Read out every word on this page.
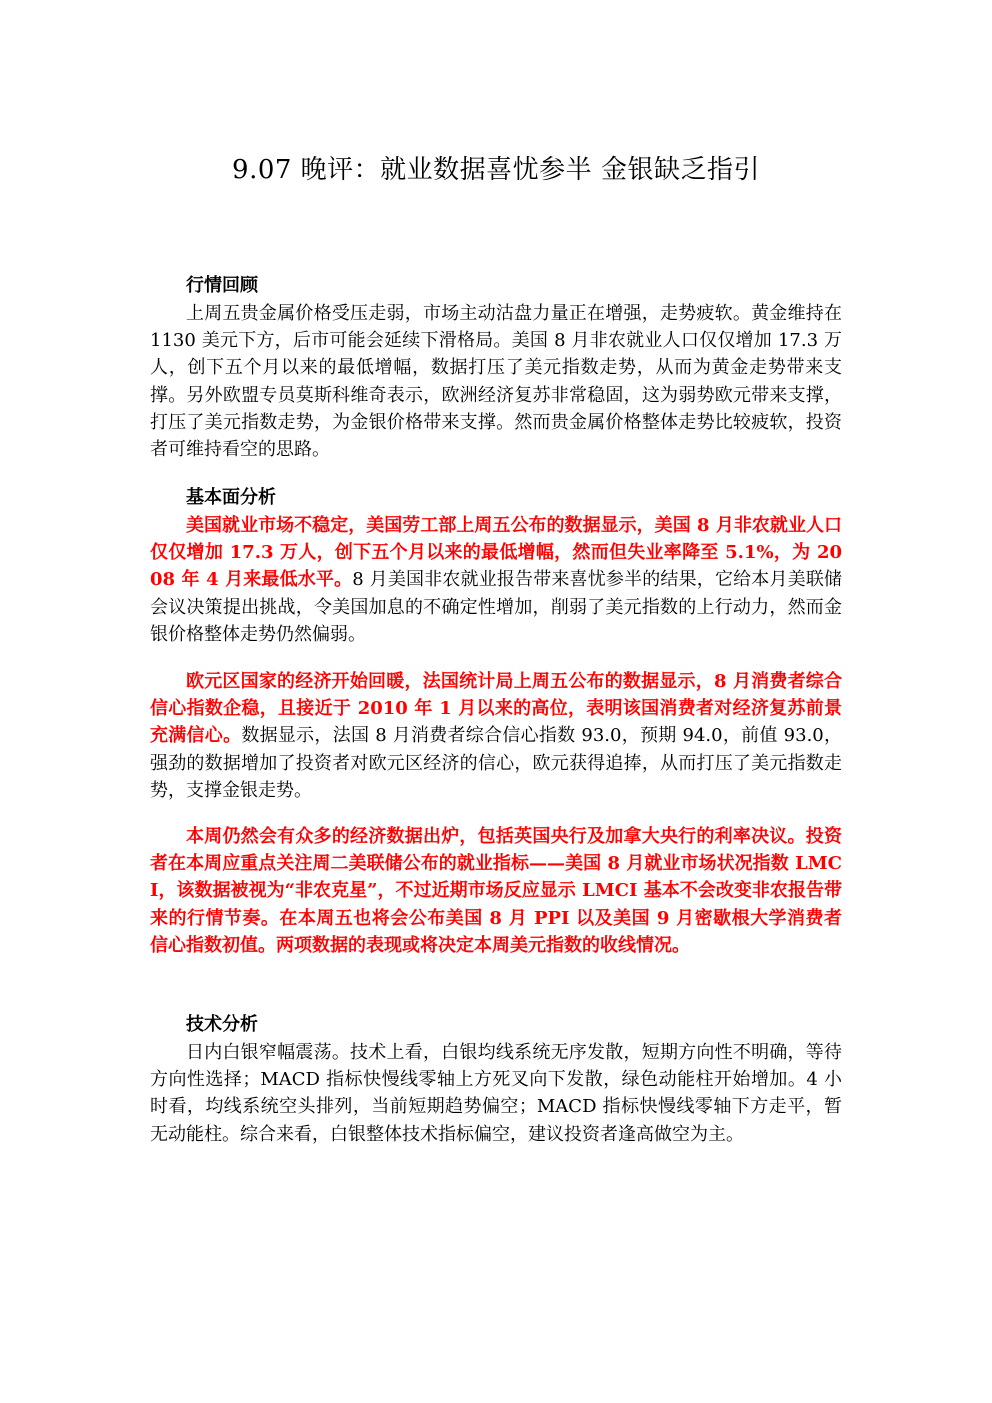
9.07 晚评：就业数据喜忧参半 金银缺乏指引

行情回顾

上周五贵金属价格受压走弱，市场主动沽盘力量正在增强，走势疲软。黄金维持在 1130 美元下方，后市可能会延续下滑格局。美国 8 月非农就业人口仅仅增加 17.3 万人，创下五个月以来的最低增幅，数据打压了美元指数走势，从而为黄金走势带来支撑。另外欧盟专员莫斯科维奇表示，欧洲经济复苏非常稳固，这为弱势欧元带来支撑，打压了美元指数走势，为金银价格带来支撑。然而贵金属价格整体走势比较疲软，投资者可维持看空的思路。

基本面分析

美国就业市场不稳定，美国劳工部上周五公布的数据显示，美国 8 月非农就业人口仅仅增加 17.3 万人，创下五个月以来的最低增幅，然而但失业率降至 5.1%，为 2008 年 4 月来最低水平。8 月美国非农就业报告带来喜忧参半的结果，它给本月美联储会议决策提出挑战，令美国加息的不确定性增加，削弱了美元指数的上行动力，然而金银价格整体走势仍然偏弱。

欧元区国家的经济开始回暖，法国统计局上周五公布的数据显示，8 月消费者综合信心指数企稳，且接近于 2010 年 1 月以来的高位，表明该国消费者对经济复苏前景充满信心。数据显示，法国 8 月消费者综合信心指数 93.0，预期 94.0，前值 93.0，强劲的数据增加了投资者对欧元区经济的信心，欧元获得追捧，从而打压了美元指数走势，支撑金银走势。

本周仍然会有众多的经济数据出炉，包括英国央行及加拿大央行的利率决议。投资者在本周应重点关注周二美联储公布的就业指标——美国 8 月就业市场状况指数 LMCI，该数据被视为“非农克星”，不过近期市场反应显示 LMCI 基本不会改变非农报告带来的行情节奏。在本周五也将会公布美国 8 月 PPI 以及美国 9 月密歇根大学消费者信心指数初值。两项数据的表现或将决定本周美元指数的收线情况。

技术分析

日内白银窄幅震荡。技术上看，白银均线系统无序发散，短期方向性不明确，等待方向性选择；MACD 指标快慢线零轴上方死叉向下发散，绿色动能柱开始增加。4 小时看，均线系统空头排列，当前短期趋势偏空；MACD 指标快慢线零轴下方走平，暂无动能柱。综合来看，白银整体技术指标偏空，建议投资者逢高做空为主。
